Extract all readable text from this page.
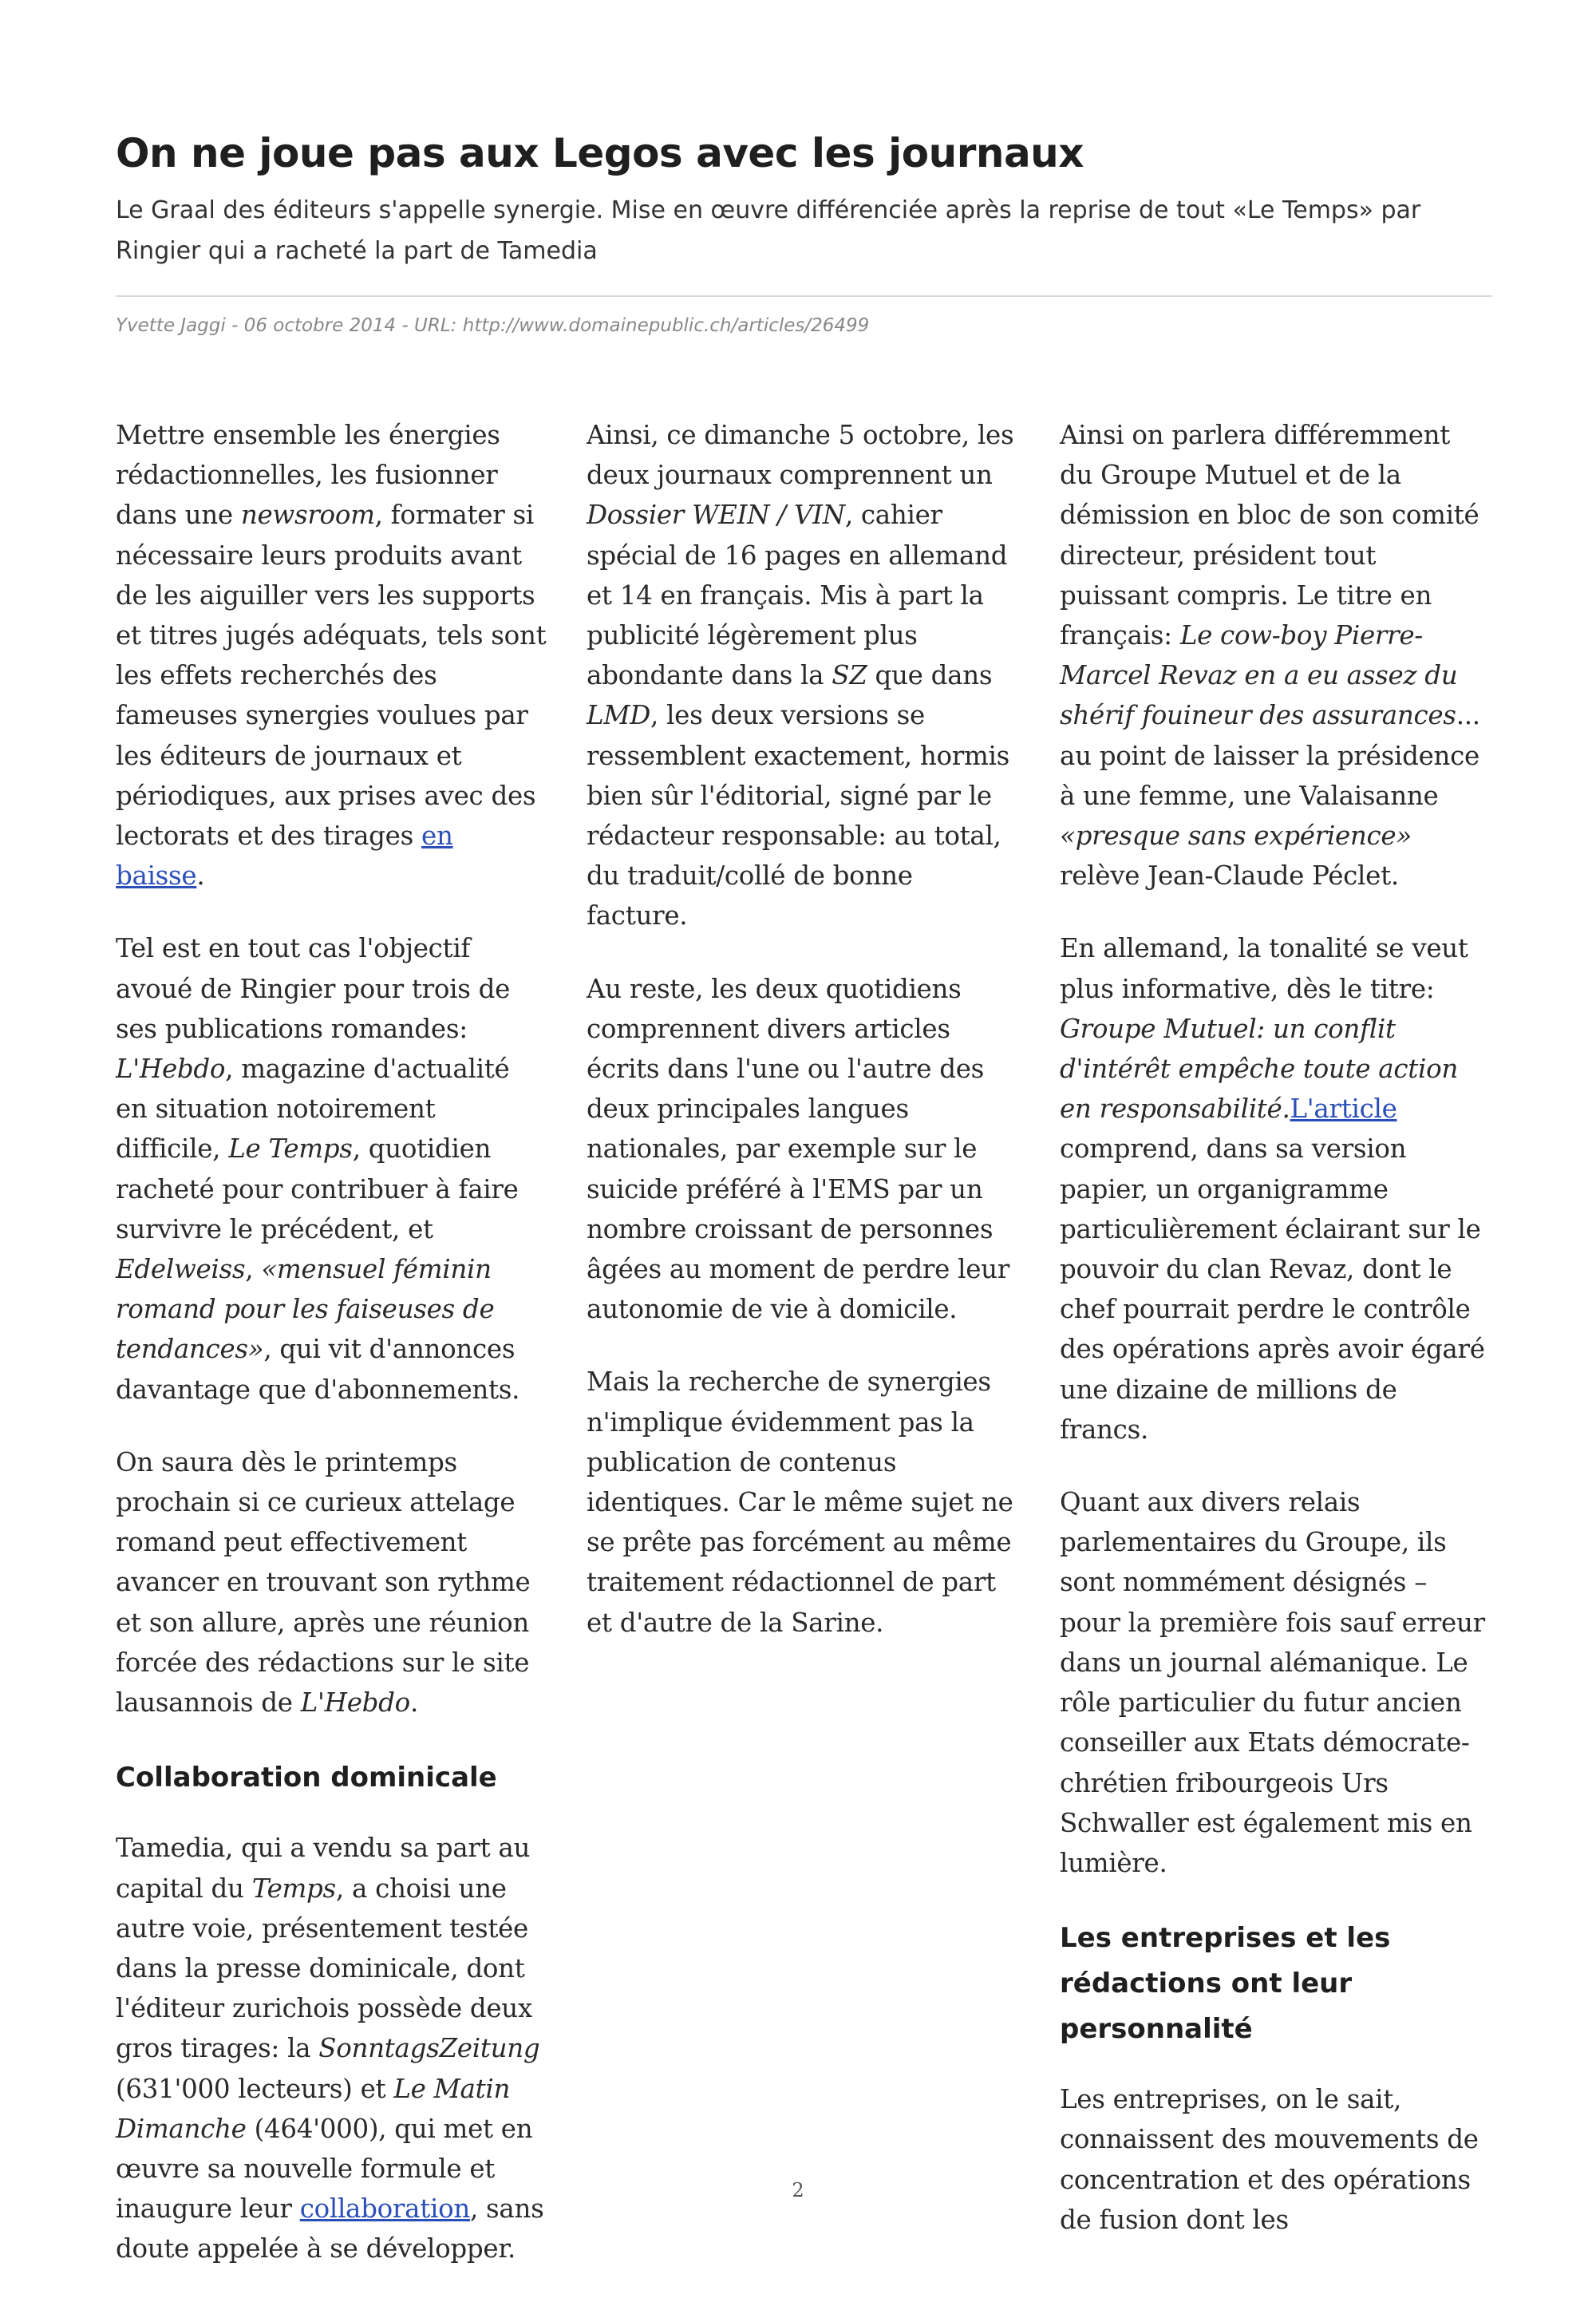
On ne joue pas aux Legos avec les journaux

Le Graal des éditeurs s'appelle synergie. Mise en œuvre différenciée après la reprise de tout «Le Temps» par Ringier qui a racheté la part de Tamedia

Yvette Jaggi - 06 octobre 2014 - URL: http://www.domainepublic.ch/articles/26499

Mettre ensemble les énergies rédactionnelles, les fusionner dans une newsroom, formater si nécessaire leurs produits avant de les aiguiller vers les supports et titres jugés adéquats, tels sont les effets recherchés des fameuses synergies voulues par les éditeurs de journaux et périodiques, aux prises avec des lectorats et des tirages en baisse.

Tel est en tout cas l'objectif avoué de Ringier pour trois de ses publications romandes: L'Hebdo, magazine d'actualité en situation notoirement difficile, Le Temps, quotidien racheté pour contribuer à faire survivre le précédent, et Edelweiss, «mensuel féminin romand pour les faiseuses de tendances», qui vit d'annonces davantage que d'abonnements.

On saura dès le printemps prochain si ce curieux attelage romand peut effectivement avancer en trouvant son rythme et son allure, après une réunion forcée des rédactions sur le site lausannois de L'Hebdo.

Collaboration dominicale

Tamedia, qui a vendu sa part au capital du Temps, a choisi une autre voie, présentement testée dans la presse dominicale, dont l'éditeur zurichois possède deux gros tirages: la SonntagsZeitung (631'000 lecteurs) et Le Matin Dimanche (464'000), qui met en œuvre sa nouvelle formule et inaugure leur collaboration, sans doute appelée à se développer.

Ainsi, ce dimanche 5 octobre, les deux journaux comprennent un Dossier WEIN / VIN, cahier spécial de 16 pages en allemand et 14 en français. Mis à part la publicité légèrement plus abondante dans la SZ que dans LMD, les deux versions se ressemblent exactement, hormis bien sûr l'éditorial, signé par le rédacteur responsable: au total, du traduit/collé de bonne facture.

Au reste, les deux quotidiens comprennent divers articles écrits dans l'une ou l'autre des deux principales langues nationales, par exemple sur le suicide préféré à l'EMS par un nombre croissant de personnes âgées au moment de perdre leur autonomie de vie à domicile.

Mais la recherche de synergies n'implique évidemment pas la publication de contenus identiques. Car le même sujet ne se prête pas forcément au même traitement rédactionnel de part et d'autre de la Sarine.

Ainsi on parlera différemment du Groupe Mutuel et de la démission en bloc de son comité directeur, président tout puissant compris. Le titre en français: Le cow-boy Pierre-Marcel Revaz en a eu assez du shérif fouineur des assurances... au point de laisser la présidence à une femme, une Valaisanne «presque sans expérience» relève Jean-Claude Péclet.

En allemand, la tonalité se veut plus informative, dès le titre: Groupe Mutuel: un conflit d'intérêt empêche toute action en responsabilité.L'article comprend, dans sa version papier, un organigramme particulièrement éclairant sur le pouvoir du clan Revaz, dont le chef pourrait perdre le contrôle des opérations après avoir égaré une dizaine de millions de francs.

Quant aux divers relais parlementaires du Groupe, ils sont nommément désignés – pour la première fois sauf erreur dans un journal alémanique. Le rôle particulier du futur ancien conseiller aux Etats démocrate-chrétien fribourgeois Urs Schwaller est également mis en lumière.

Les entreprises et les rédactions ont leur personnalité

Les entreprises, on le sait, connaissent des mouvements de concentration et des opérations de fusion dont les

2
